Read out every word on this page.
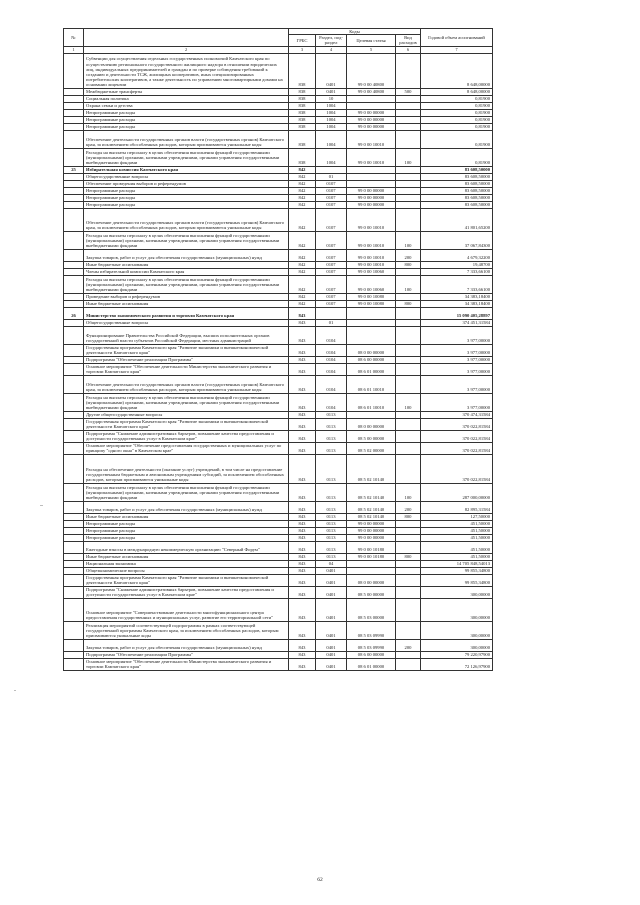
№		Коды				Годовой объем ассигнований
		ГРБС	Раздел, под-раздел	Целевая статья	Вид расходов	
1	2	3	4	5	6	7
	Субвенции для осуществления отдельных государственных полномочий Камчатского края по осуществлению регионального государственного жилищного надзора в отношении юридических лиц, индивидуальных предпринимателей и граждан и по проверке соблюдения требований к созданию и деятельности ТСЖ, жилищных кооперативов, иных специализированных потребительских кооперативов, а также деятельность по управлению многоквартирными домами на основании лицензии	838	0401	99 0 00 40800		8 648,00000
	Межбюджетные трансферты	838	0401	99 0 00 40800	500	8 648,00000
	Социальная политика	838	10			0,81900
	Охрана семьи и детства	838	1004			0,81900
	Непрограммные расходы	838	1004	99 0 00 00000		0,81900
	Непрограммные расходы	838	1004	99 0 00 00000		0,81900
	Непрограммные расходы	838	1004	99 0 00 00000		0,81900
	Обеспечение деятельности государственных органов власти (государственных органов) Камчатского края, за исключением обособленных расходов, которым присваиваются уникальные коды	838	1004	99 0 00 10010		0,81900
	Расходы на выплаты персоналу в целях обеспечения выполнения функций государственными (муниципальными) органами, казенными учреждениями, органами управления государственными внебюджетными фондами	838	1004	99 0 00 10010	100	0,81900
25	Избирательная комиссия Камчатского края	842				83 608,50000
	Общегосударственные вопросы	842	01			83 608,50000
	Обеспечение проведения выборов и референдумов	842	0107			83 608,50000
	Непрограммные расходы	842	0107	99 0 00 00000		83 608,50000
	Непрограммные расходы	842	0107	99 0 00 00000		83 608,50000
	Непрограммные расходы	842	0107	99 0 00 00000		83 608,50000
	Обеспечение деятельности государственных органов власти (государственных органов) Камчатского края, за исключением обособленных расходов, которым присваиваются уникальные коды	842	0107	99 0 00 10010		41 801,65200
	Расходы на выплаты персоналу в целях обеспечения выполнения функций государственными (муниципальными) органами, казенными учреждениями, органами управления государственными внебюджетными фондами	842	0107	99 0 00 10010	100	37 067,84300
	Закупка товаров, работ и услуг для обеспечения государственных (муниципальных) нужд	842	0107	99 0 00 10010	200	4 679,32200
	Иные бюджетные ассигнования	842	0107	99 0 00 10010	800	19,48700
	Члены избирательной комиссии Камчатского края	842	0107	99 0 00 10060		7 333,66100
	Расходы на выплаты персоналу в целях обеспечения выполнения функций государственными (муниципальными) органами, казенными учреждениями, органами управления государственными внебюджетными фондами	842	0107	99 0 00 10060	100	7 333,66100
	Проведение выборов и референдумов	842	0107	99 0 00 10080		34 383,18400
	Иные бюджетные ассигнования	842	0107	99 0 00 10080	800	34 383,18400
26	Министерство экономического развития и торговли Камчатского края	843				15 090 405,28897
	Общегосударственные вопросы	843	01			374 451,31584
	Функционирование Правительства Российской Федерации, высших исполнительных органов государственной власти субъектов Российской Федерации, местных администраций	843	0104			3 977,00000
	Государственная программа Камчатского края "Развитие экономики и внешнеэкономической деятельности Камчатского края"	843	0104	08 0 00 00000		3 977,00000
	Подпрограмма "Обеспечение реализации Программы"	843	0104	08 6 00 00000		3 977,00000
	Основное мероприятие "Обеспечение деятельности Министерства экономического развития и торговли Камчатского края"	843	0104	08 6 01 00000		3 977,00000
	Обеспечение деятельности государственных органов власти (государственных органов) Камчатского края, за исключением обособленных расходов, которым присваиваются уникальные коды	843	0104	08 6 01 10010		3 977,00000
	Расходы на выплаты персоналу в целях обеспечения выполнения функций государственными (муниципальными) органами, казенными учреждениями, органами управления государственными внебюджетными фондами	843	0104	08 6 01 10010	100	3 977,00000
	Другие общегосударственные вопросы	843	0113			370 474,31584
	Государственная программа Камчатского края "Развитие экономики и внешнеэкономической деятельности Камчатского края"	843	0113	08 0 00 00000		370 022,81584
	Подпрограмма "Снижение административных барьеров, повышение качества предоставления и доступности государственных услуг в Камчатском крае"	843	0113	08 5 00 00000		370 022,81584
	Основное мероприятие "Обеспечение предоставления государственных и муниципальных услуг по принципу "одного окна" в Камчатском крае"	843	0113	08 5 02 00000		370 022,81584
	Расходы на обеспечение деятельности (оказание услуг) учреждений, в том числе на предоставление государственным бюджетным и автономным учреждениям субсидий, за исключением обособленных расходов, которым присваиваются уникальные коды	843	0113	08 5 02 10140		370 022,81584
	Расходы на выплаты персоналу в целях обеспечения выполнения функций государственными (муниципальными) органами, казенными учреждениями, органами управления государственными внебюджетными фондами	843	0113	08 5 02 10140	100	287 000,00000
	Закупка товаров, работ и услуг для обеспечения государственных (муниципальных) нужд	843	0113	08 5 02 10140	200	82 895,31584
	Иные бюджетные ассигнования	843	0113	08 5 02 10140	800	127,50000
	Непрограммные расходы	843	0113	99 0 00 00000		451,50000
	Непрограммные расходы	843	0113	99 0 00 00000		451,50000
	Непрограммные расходы	843	0113	99 0 00 00000		451,50000
	Ежегодные взносы в международную некоммерческую организацию "Северный Форум"	843	0113	99 0 00 10180		451,50000
	Иные бюджетные ассигнования	843	0113	99 0 00 10180	800	451,50000
	Национальная экономика	843	04			14 705 848,54013
	Общеэкономические вопросы	843	0401			99 855,34800
	Государственная программа Камчатского края "Развитие экономики и внешнеэкономической деятельности Камчатского края"	843	0401	08 0 00 00000		99 855,34800
	Подпрограмма "Снижение административных барьеров, повышение качества предоставления и доступности государственных услуг в Камчатском крае"	843	0401	08 5 00 00000		300,00000
	Основное мероприятие "Совершенствование деятельности многофункционального центра предоставления государственных и муниципальных услуг, развитие его территориальной сети"	843	0401	08 5 03 00000		300,00000
	Реализация мероприятий соответствующей подпрограммы в рамках соответствующей государственной программы Камчатского края, за исключением обособленных расходов, которым присваиваются уникальные коды	843	0401	08 5 03 09990		300,00000
	Закупка товаров, работ и услуг для обеспечения государственных (муниципальных) нужд	843	0401	08 5 03 09990	200	300,00000
	Подпрограмма "Обеспечение реализации Программы"	843	0401	08 6 00 00000		79 220,97900
	Основное мероприятие "Обеспечение деятельности Министерства экономического развития и торговли Камчатского края"	843	0401	08 6 01 00000		72 126,97900
62
